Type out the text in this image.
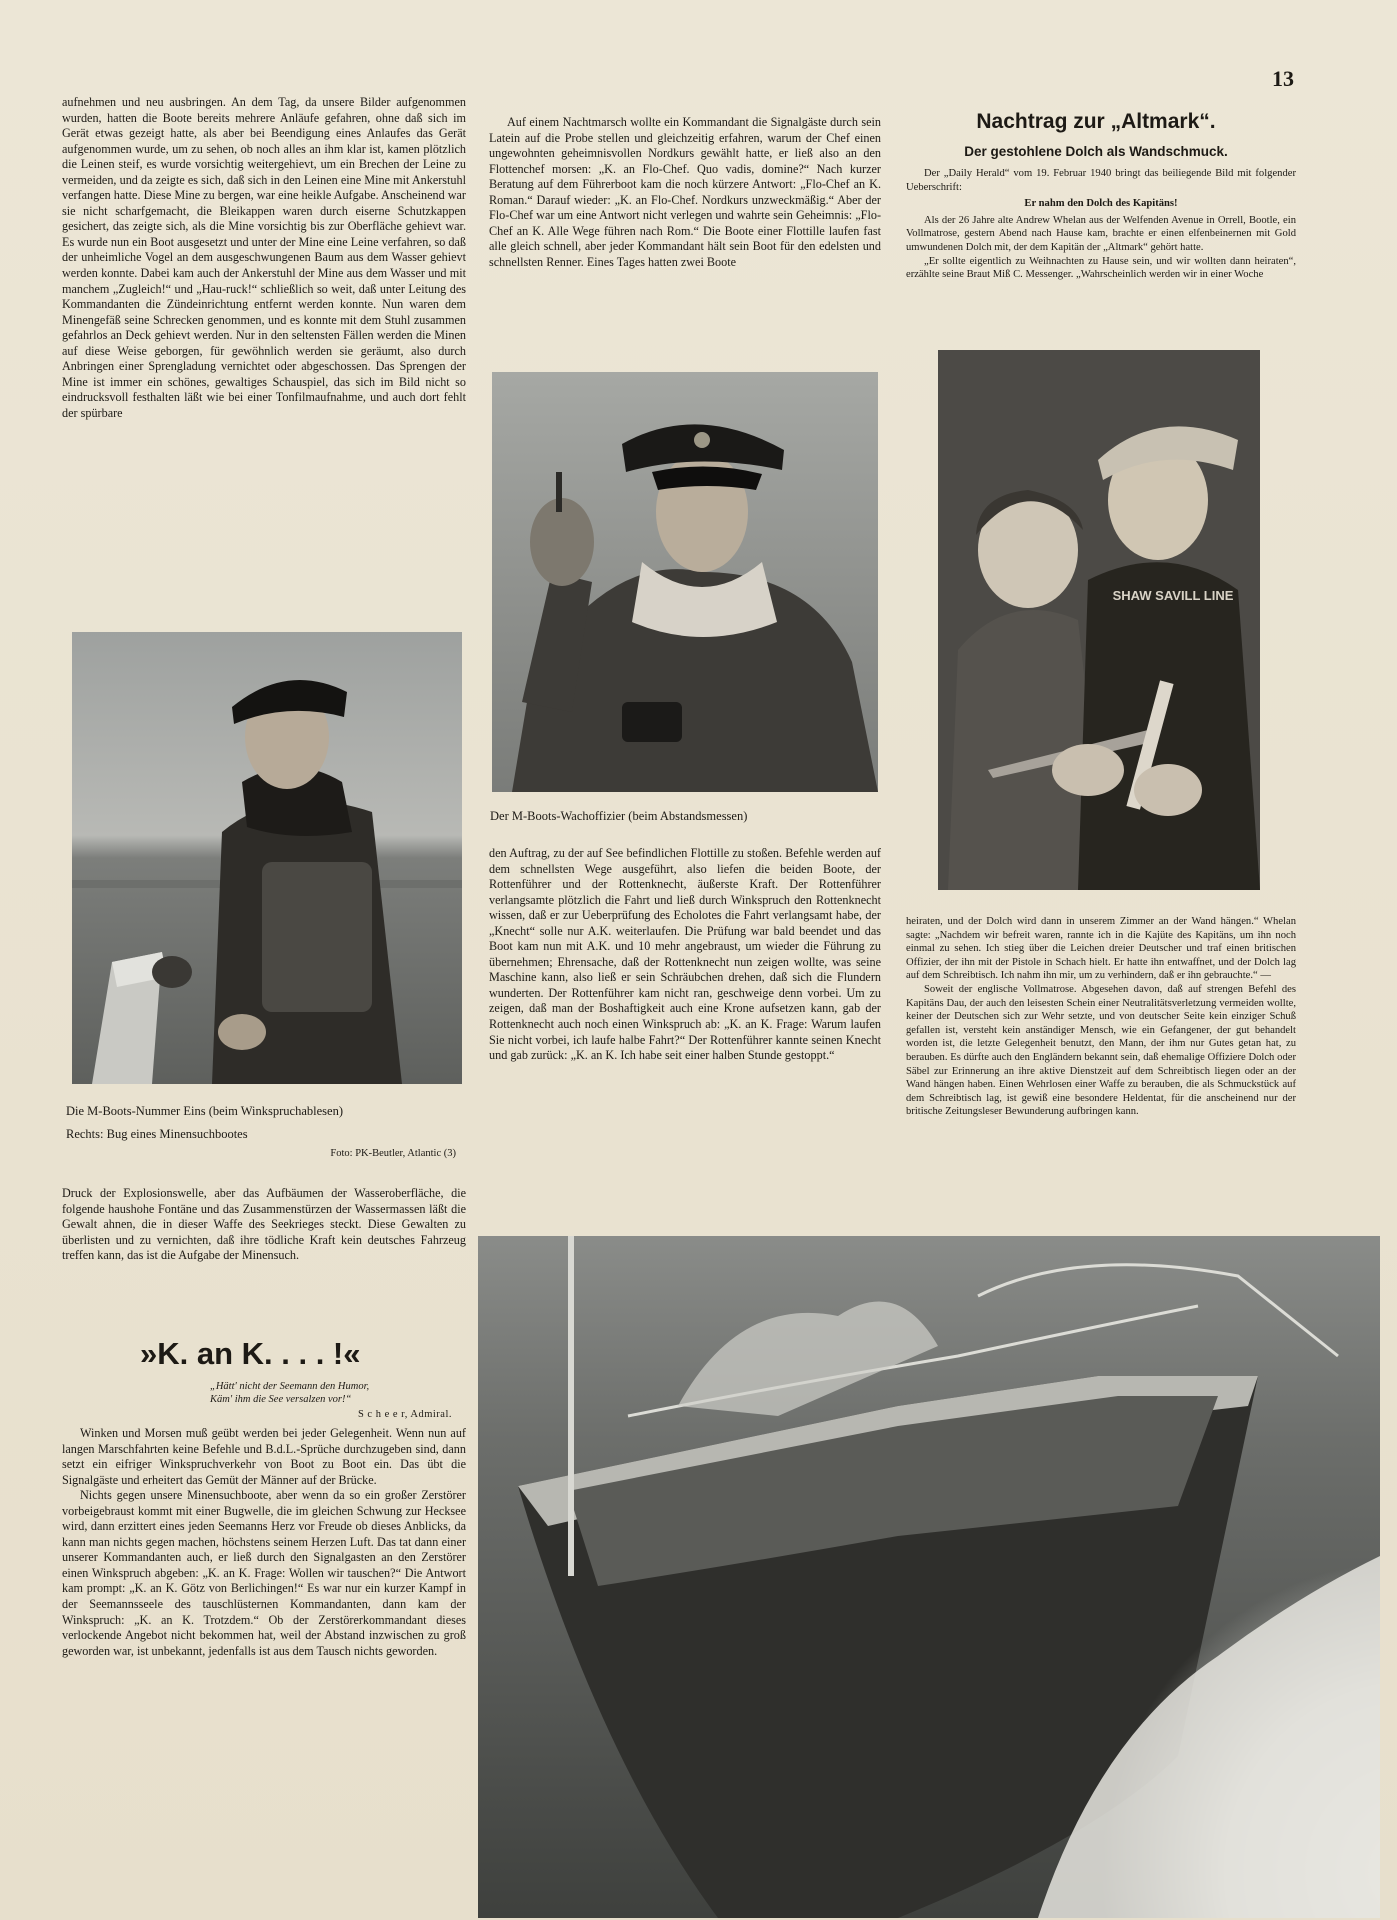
13

aufnehmen und neu ausbringen. An dem Tag, da unsere Bilder aufgenommen wurden, hatten die Boote bereits mehrere Anläufe gefahren, ohne daß sich im Gerät etwas gezeigt hatte, als aber bei Beendigung eines Anlaufes das Gerät aufgenommen wurde, um zu sehen, ob noch alles an ihm klar ist, kamen plötzlich die Leinen steif, es wurde vorsichtig weitergehievt, um ein Brechen der Leine zu vermeiden, und da zeigte es sich, daß sich in den Leinen eine Mine mit Ankerstuhl verfangen hatte. Diese Mine zu bergen, war eine heikle Aufgabe. Anscheinend war sie nicht scharfgemacht, die Bleikappen waren durch eiserne Schutzkappen gesichert, das zeigte sich, als die Mine vorsichtig bis zur Oberfläche gehievt war. Es wurde nun ein Boot ausgesetzt und unter der Mine eine Leine verfahren, so daß der unheimliche Vogel an dem ausgeschwungenen Baum aus dem Wasser gehievt werden konnte. Dabei kam auch der Ankerstuhl der Mine aus dem Wasser und mit manchem „Zugleich!“ und „Hau-ruck!“ schließlich so weit, daß unter Leitung des Kommandanten die Zündeinrichtung entfernt werden konnte. Nun waren dem Minengefäß seine Schrecken genommen, und es konnte mit dem Stuhl zusammen gefahrlos an Deck gehievt werden. Nur in den seltensten Fällen werden die Minen auf diese Weise geborgen, für gewöhnlich werden sie geräumt, also durch Anbringen einer Sprengladung vernichtet oder abgeschossen. Das Sprengen der Mine ist immer ein schönes, gewaltiges Schauspiel, das sich im Bild nicht so eindrucksvoll festhalten läßt wie bei einer Tonfilmaufnahme, und auch dort fehlt der spürbare

Die M-Boots-Nummer Eins (beim Winkspruchablesen)

Rechts: Bug eines Minensuchbootes

Foto: PK-Beutler, Atlantic (3)

Druck der Explosionswelle, aber das Aufbäumen der Wasseroberfläche, die folgende haushohe Fontäne und das Zusammenstürzen der Wassermassen läßt die Gewalt ahnen, die in dieser Waffe des Seekrieges steckt. Diese Gewalten zu überlisten und zu vernichten, daß ihre tödliche Kraft kein deutsches Fahrzeug treffen kann, das ist die Aufgabe der Minensuch.

»K. an K. . . . !«

„Hätt' nicht der Seemann den Humor,

Käm' ihm die See versalzen vor!“

S c h e e r, Admiral.

Winken und Morsen muß geübt werden bei jeder Gelegenheit. Wenn nun auf langen Marschfahrten keine Befehle und B.d.L.-Sprüche durchzugeben sind, dann setzt ein eifriger Winkspruchverkehr von Boot zu Boot ein. Das übt die Signalgäste und erheitert das Gemüt der Männer auf der Brücke.

Nichts gegen unsere Minensuchboote, aber wenn da so ein großer Zerstörer vorbeigebraust kommt mit einer Bugwelle, die im gleichen Schwung zur Hecksee wird, dann erzittert eines jeden Seemanns Herz vor Freude ob dieses Anblicks, da kann man nichts gegen machen, höchstens seinem Herzen Luft. Das tat dann einer unserer Kommandanten auch, er ließ durch den Signalgasten an den Zerstörer einen Winkspruch abgeben: „K. an K. Frage: Wollen wir tauschen?“ Die Antwort kam prompt: „K. an K. Götz von Berlichingen!“ Es war nur ein kurzer Kampf in der Seemannsseele des tauschlüsternen Kommandanten, dann kam der Winkspruch: „K. an K. Trotzdem.“ Ob der Zerstörerkommandant dieses verlockende Angebot nicht bekommen hat, weil der Abstand inzwischen zu groß geworden war, ist unbekannt, jedenfalls ist aus dem Tausch nichts geworden.

Auf einem Nachtmarsch wollte ein Kommandant die Signalgäste durch sein Latein auf die Probe stellen und gleichzeitig erfahren, warum der Chef einen ungewohnten geheimnisvollen Nordkurs gewählt hatte, er ließ also an den Flottenchef morsen: „K. an Flo-Chef. Quo vadis, domine?“ Nach kurzer Beratung auf dem Führerboot kam die noch kürzere Antwort: „Flo-Chef an K. Roman.“ Darauf wieder: „K. an Flo-Chef. Nordkurs unzweckmäßig.“ Aber der Flo-Chef war um eine Antwort nicht verlegen und wahrte sein Geheimnis: „Flo-Chef an K. Alle Wege führen nach Rom.“ Die Boote einer Flottille laufen fast alle gleich schnell, aber jeder Kommandant hält sein Boot für den edelsten und schnellsten Renner. Eines Tages hatten zwei Boote

Der M-Boots-Wachoffizier (beim Abstandsmessen)

den Auftrag, zu der auf See befindlichen Flottille zu stoßen. Befehle werden auf dem schnellsten Wege ausgeführt, also liefen die beiden Boote, der Rottenführer und der Rottenknecht, äußerste Kraft. Der Rottenführer verlangsamte plötzlich die Fahrt und ließ durch Winkspruch den Rottenknecht wissen, daß er zur Ueberprüfung des Echolotes die Fahrt verlangsamt habe, der „Knecht“ solle nur A.K. weiterlaufen. Die Prüfung war bald beendet und das Boot kam nun mit A.K. und 10 mehr angebraust, um wieder die Führung zu übernehmen; Ehrensache, daß der Rottenknecht nun zeigen wollte, was seine Maschine kann, also ließ er sein Schräubchen drehen, daß sich die Flundern wunderten. Der Rottenführer kam nicht ran, geschweige denn vorbei. Um zu zeigen, daß man der Boshaftigkeit auch eine Krone aufsetzen kann, gab der Rottenknecht auch noch einen Winkspruch ab: „K. an K. Frage: Warum laufen Sie nicht vorbei, ich laufe halbe Fahrt?“ Der Rottenführer kannte seinen Knecht und gab zurück: „K. an K. Ich habe seit einer halben Stunde gestoppt.“

Nachtrag zur „Altmark“.
Der gestohlene Dolch als Wandschmuck.

Der „Daily Herald“ vom 19. Februar 1940 bringt das beiliegende Bild mit folgender Ueberschrift:

Er nahm den Dolch des Kapitäns!

Als der 26 Jahre alte Andrew Whelan aus der Welfenden Avenue in Orrell, Bootle, ein Vollmatrose, gestern Abend nach Hause kam, brachte er einen elfenbeinernen mit Gold umwundenen Dolch mit, der dem Kapitän der „Altmark“ gehört hatte.

„Er sollte eigentlich zu Weihnachten zu Hause sein, und wir wollten dann heiraten“, erzählte seine Braut Miß C. Messenger. „Wahrscheinlich werden wir in einer Woche

SHAW SAVILL LINE

heiraten, und der Dolch wird dann in unserem Zimmer an der Wand hängen.“ Whelan sagte: „Nachdem wir befreit waren, rannte ich in die Kajüte des Kapitäns, um ihn noch einmal zu sehen. Ich stieg über die Leichen dreier Deutscher und traf einen britischen Offizier, der ihn mit der Pistole in Schach hielt. Er hatte ihn entwaffnet, und der Dolch lag auf dem Schreibtisch. Ich nahm ihn mir, um zu verhindern, daß er ihn gebrauchte.“ —

Soweit der englische Vollmatrose. Abgesehen davon, daß auf strengen Befehl des Kapitäns Dau, der auch den leisesten Schein einer Neutralitätsverletzung vermeiden wollte, keiner der Deutschen sich zur Wehr setzte, und von deutscher Seite kein einziger Schuß gefallen ist, versteht kein anständiger Mensch, wie ein Gefangener, der gut behandelt worden ist, die letzte Gelegenheit benutzt, den Mann, der ihm nur Gutes getan hat, zu berauben. Es dürfte auch den Engländern bekannt sein, daß ehemalige Offiziere Dolch oder Säbel zur Erinnerung an ihre aktive Dienstzeit auf dem Schreibtisch liegen oder an der Wand hängen haben. Einen Wehrlosen einer Waffe zu berauben, die als Schmuckstück auf dem Schreibtisch lag, ist gewiß eine besondere Heldentat, für die anscheinend nur der britische Zeitungsleser Bewunderung aufbringen kann.
